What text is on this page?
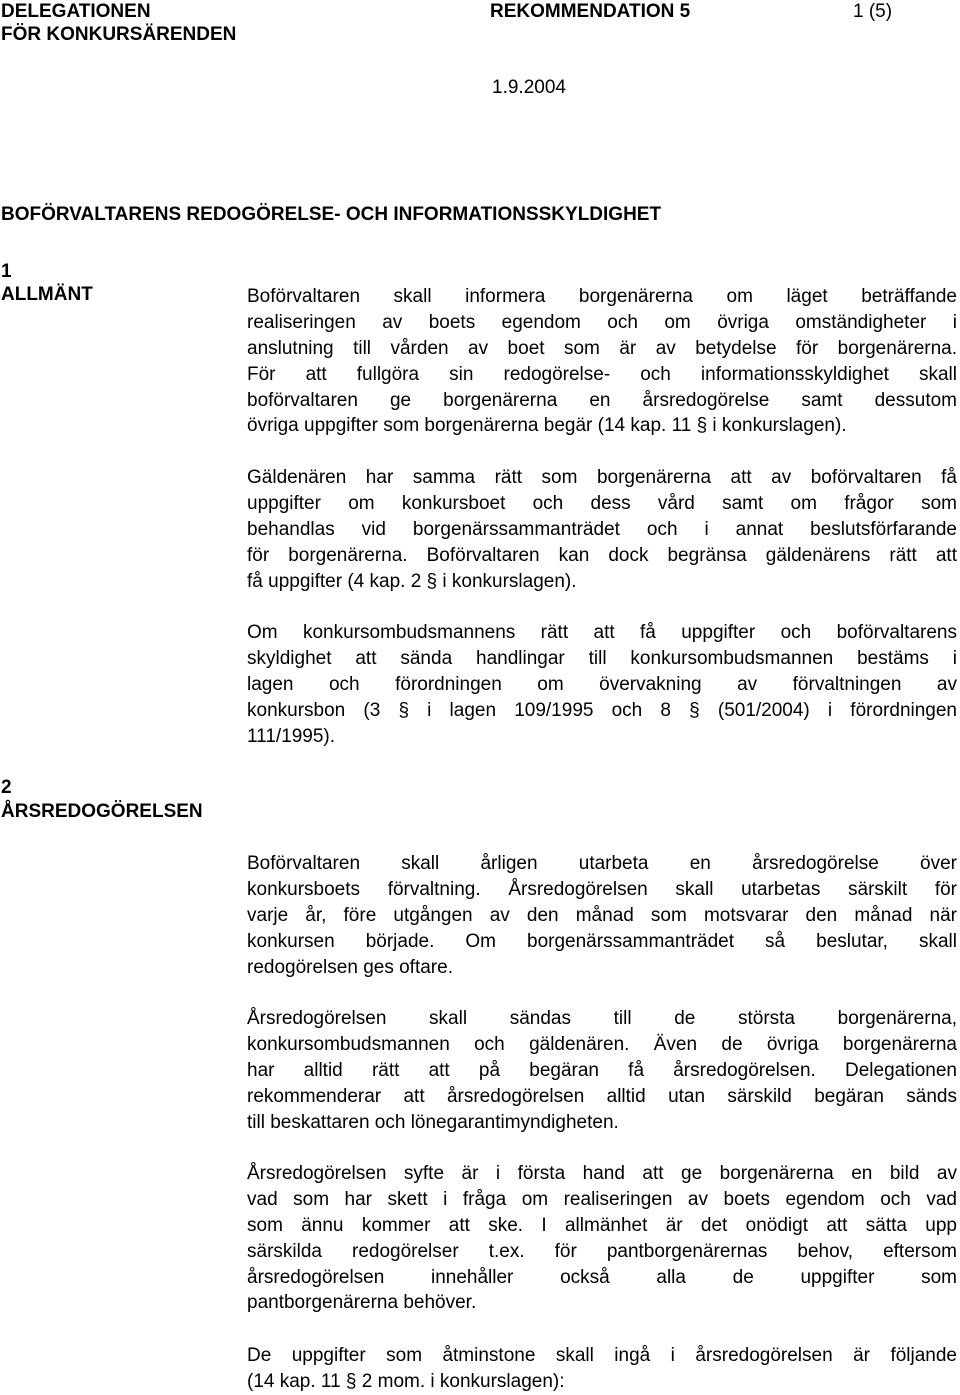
DELEGATIONEN
FÖR KONKURSÄRENDEN
REKOMMENDATION 5	1 (5)
1.9.2004
BOFÖRVALTARENS REDOGÖRELSE- OCH INFORMATIONSSKYLDIGHET
1
ALLMÄNT	Boförvaltaren skall informera borgenärerna om läget beträffande
realiseringen av boets egendom och om övriga omständigheter i
anslutning till vården av boet som är av betydelse för borgenärerna.
För att fullgöra sin redogörelse- och informationsskyldighet skall
boförvaltaren ge borgenärerna en årsredogörelse samt dessutom
övriga uppgifter som borgenärerna begär (14 kap. 11 § i konkurslagen).
Gäldenären har samma rätt som borgenärerna att av boförvaltaren få
uppgifter om konkursboet och dess vård samt om frågor som
behandlas vid borgenärssammanträdet och i annat beslutsförfarande
för borgenärerna. Boförvaltaren kan dock begränsa gäldenärens rätt att
få uppgifter (4 kap. 2 § i konkurslagen).
Om konkursombudsmannens rätt att få uppgifter och boförvaltarens
skyldighet att sända handlingar till konkursombudsmannen bestäms i
lagen och förordningen om övervakning av förvaltningen av
konkursbon (3 § i lagen 109/1995 och 8 § (501/2004) i förordningen
111/1995).
2
ÅRSREDOGÖRELSEN
Boförvaltaren skall årligen utarbeta en årsredogörelse över
konkursboets förvaltning. Årsredogörelsen skall utarbetas särskilt för
varje år, före utgången av den månad som motsvarar den månad när
konkursen började. Om borgenärssammanträdet så beslutar, skall
redogörelsen ges oftare.
Årsredogörelsen skall sändas till de största borgenärerna,
konkursombudsmannen och gäldenären. Även de övriga borgenärerna
har alltid rätt att på begäran få årsredogörelsen. Delegationen
rekommenderar att årsredogörelsen alltid utan särskild begäran sänds
till beskattaren och lönegarantimyndigheten.
Årsredogörelsen syfte är i första hand att ge borgenärerna en bild av
vad som har skett i fråga om realiseringen av boets egendom och vad
som ännu kommer att ske. I allmänhet är det onödigt att sätta upp
särskilda redogörelser t.ex. för pantborgenärernas behov, eftersom
årsredogörelsen innehåller också alla de uppgifter som
pantborgenärerna behöver.
De uppgifter som åtminstone skall ingå i årsredogörelsen är följande
(14 kap. 11 § 2 mom. i konkurslagen):
